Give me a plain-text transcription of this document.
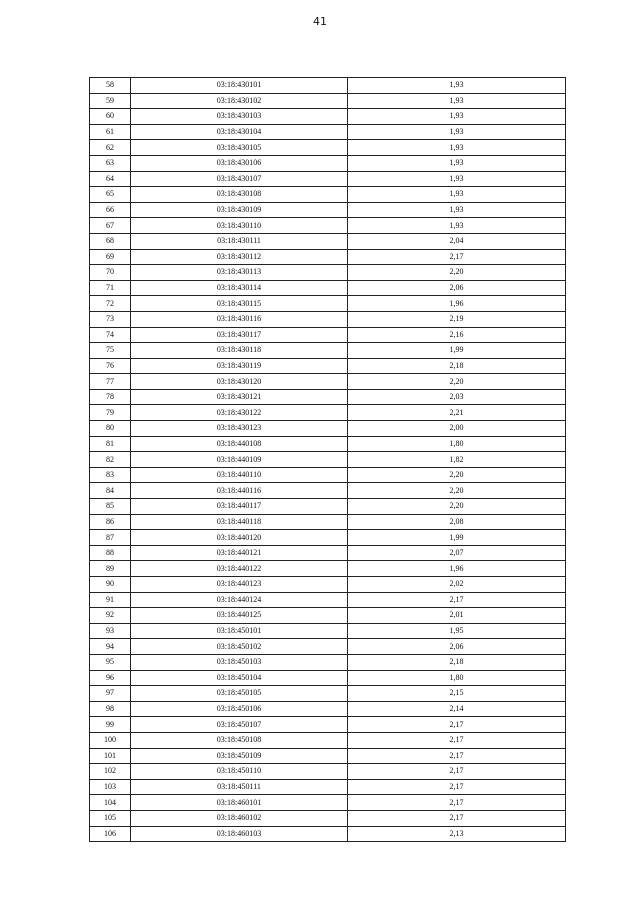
41
58	03:18:430101	1,93
59	03:18:430102	1,93
60	03:18:430103	1,93
61	03:18:430104	1,93
62	03:18:430105	1,93
63	03:18:430106	1,93
64	03:18:430107	1,93
65	03:18:430108	1,93
66	03:18:430109	1,93
67	03:18:430110	1,93
68	03:18:430111	2,04
69	03:18:430112	2,17
70	03:18:430113	2,20
71	03:18:430114	2,06
72	03:18:430115	1,96
73	03:18:430116	2,19
74	03:18:430117	2,16
75	03:18:430118	1,99
76	03:18:430119	2,18
77	03:18:430120	2,20
78	03:18:430121	2,03
79	03:18:430122	2,21
80	03:18:430123	2,00
81	03:18:440108	1,80
82	03:18:440109	1,82
83	03:18:440110	2,20
84	03:18:440116	2,20
85	03:18:440117	2,20
86	03:18:440118	2,08
87	03:18:440120	1,99
88	03:18:440121	2,07
89	03:18:440122	1,96
90	03:18:440123	2,02
91	03:18:440124	2,17
92	03:18:440125	2,01
93	03:18:450101	1,95
94	03:18:450102	2,06
95	03:18:450103	2,18
96	03:18:450104	1,80
97	03:18:450105	2,15
98	03:18:450106	2,14
99	03:18:450107	2,17
100	03:18:450108	2,17
101	03:18:450109	2,17
102	03:18:450110	2,17
103	03:18:450111	2,17
104	03:18:460101	2,17
105	03:18:460102	2,17
106	03:18:460103	2,13
